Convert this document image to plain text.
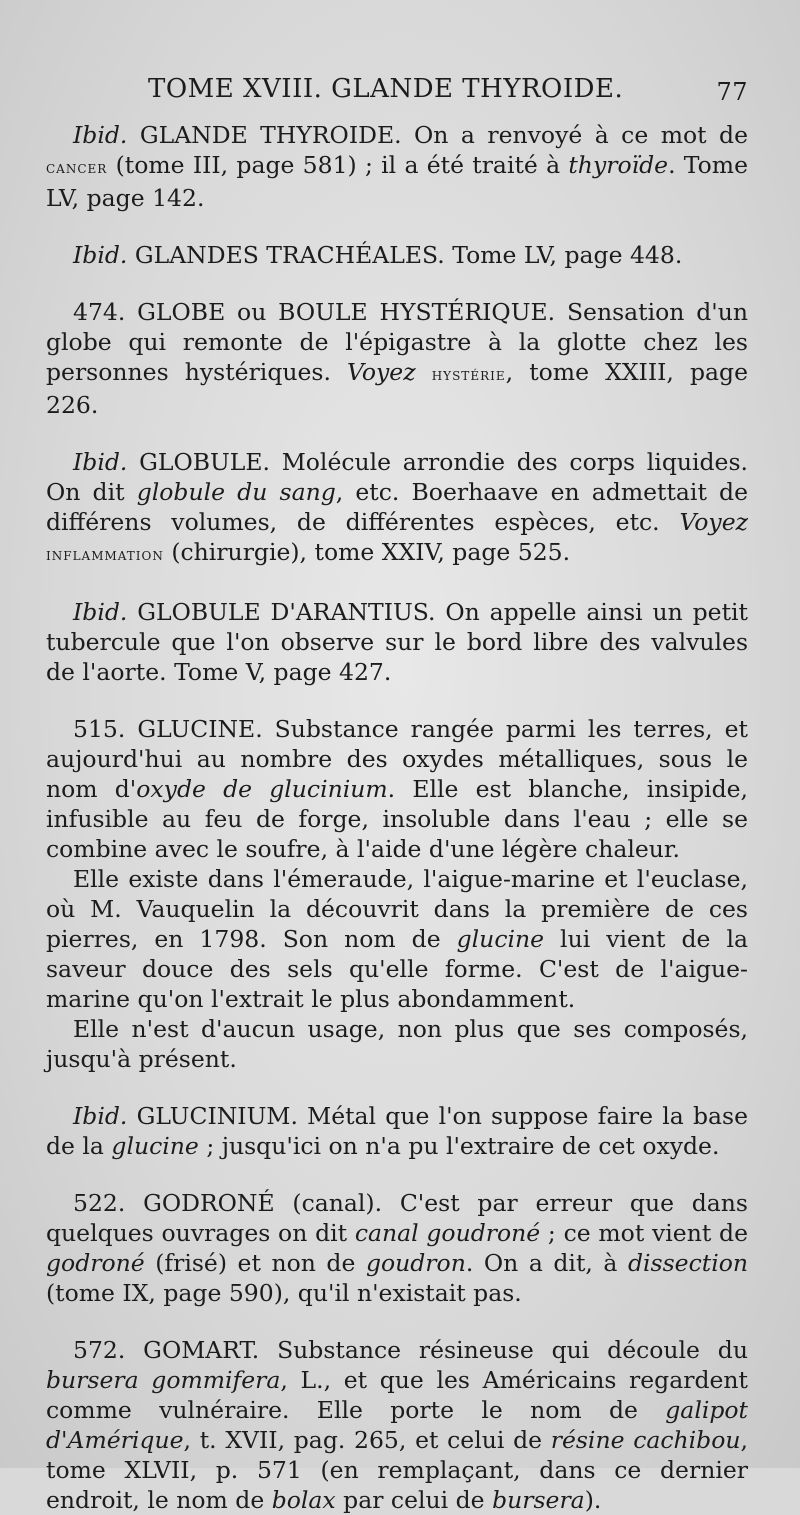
TOME XVIII. GLANDE THYROIDE.	77

Ibid. GLANDE THYROIDE. On a renvoyé à ce mot de cancer (tome III, page 581) ; il a été traité à thyroïde. Tome LV, page 142.

Ibid. GLANDES TRACHÉALES. Tome LV, page 448.

474. GLOBE ou BOULE HYSTÉRIQUE. Sensation d'un globe qui remonte de l'épigastre à la glotte chez les personnes hystériques. Voyez hystérie, tome XXIII, page 226.

Ibid. GLOBULE. Molécule arrondie des corps liquides. On dit globule du sang, etc. Boerhaave en admettait de différens volumes, de différentes espèces, etc. Voyez inflammation (chirurgie), tome XXIV, page 525.

Ibid. GLOBULE D'ARANTIUS. On appelle ainsi un petit tubercule que l'on observe sur le bord libre des valvules de l'aorte. Tome V, page 427.

515. GLUCINE. Substance rangée parmi les terres, et aujourd'hui au nombre des oxydes métalliques, sous le nom d'oxyde de glucinium. Elle est blanche, insipide, infusible au feu de forge, insoluble dans l'eau ; elle se combine avec le soufre, à l'aide d'une légère chaleur.

Elle existe dans l'émeraude, l'aigue-marine et l'euclase, où M. Vauquelin la découvrit dans la première de ces pierres, en 1798. Son nom de glucine lui vient de la saveur douce des sels qu'elle forme. C'est de l'aigue-marine qu'on l'extrait le plus abondamment.

Elle n'est d'aucun usage, non plus que ses composés, jusqu'à présent.

Ibid. GLUCINIUM. Métal que l'on suppose faire la base de la glucine ; jusqu'ici on n'a pu l'extraire de cet oxyde.

522. GODRONÉ (canal). C'est par erreur que dans quelques ouvrages on dit canal goudroné ; ce mot vient de godroné (frisé) et non de goudron. On a dit, à dissection (tome IX, page 590), qu'il n'existait pas.

572. GOMART. Substance résineuse qui découle du bursera gommifera, L., et que les Américains regardent comme vulnéraire. Elle porte le nom de galipot d'Amérique, t. XVII, pag. 265, et celui de résine cachibou, tome XLVII, p. 571 (en remplaçant, dans ce dernier endroit, le nom de bolax par celui de bursera).
